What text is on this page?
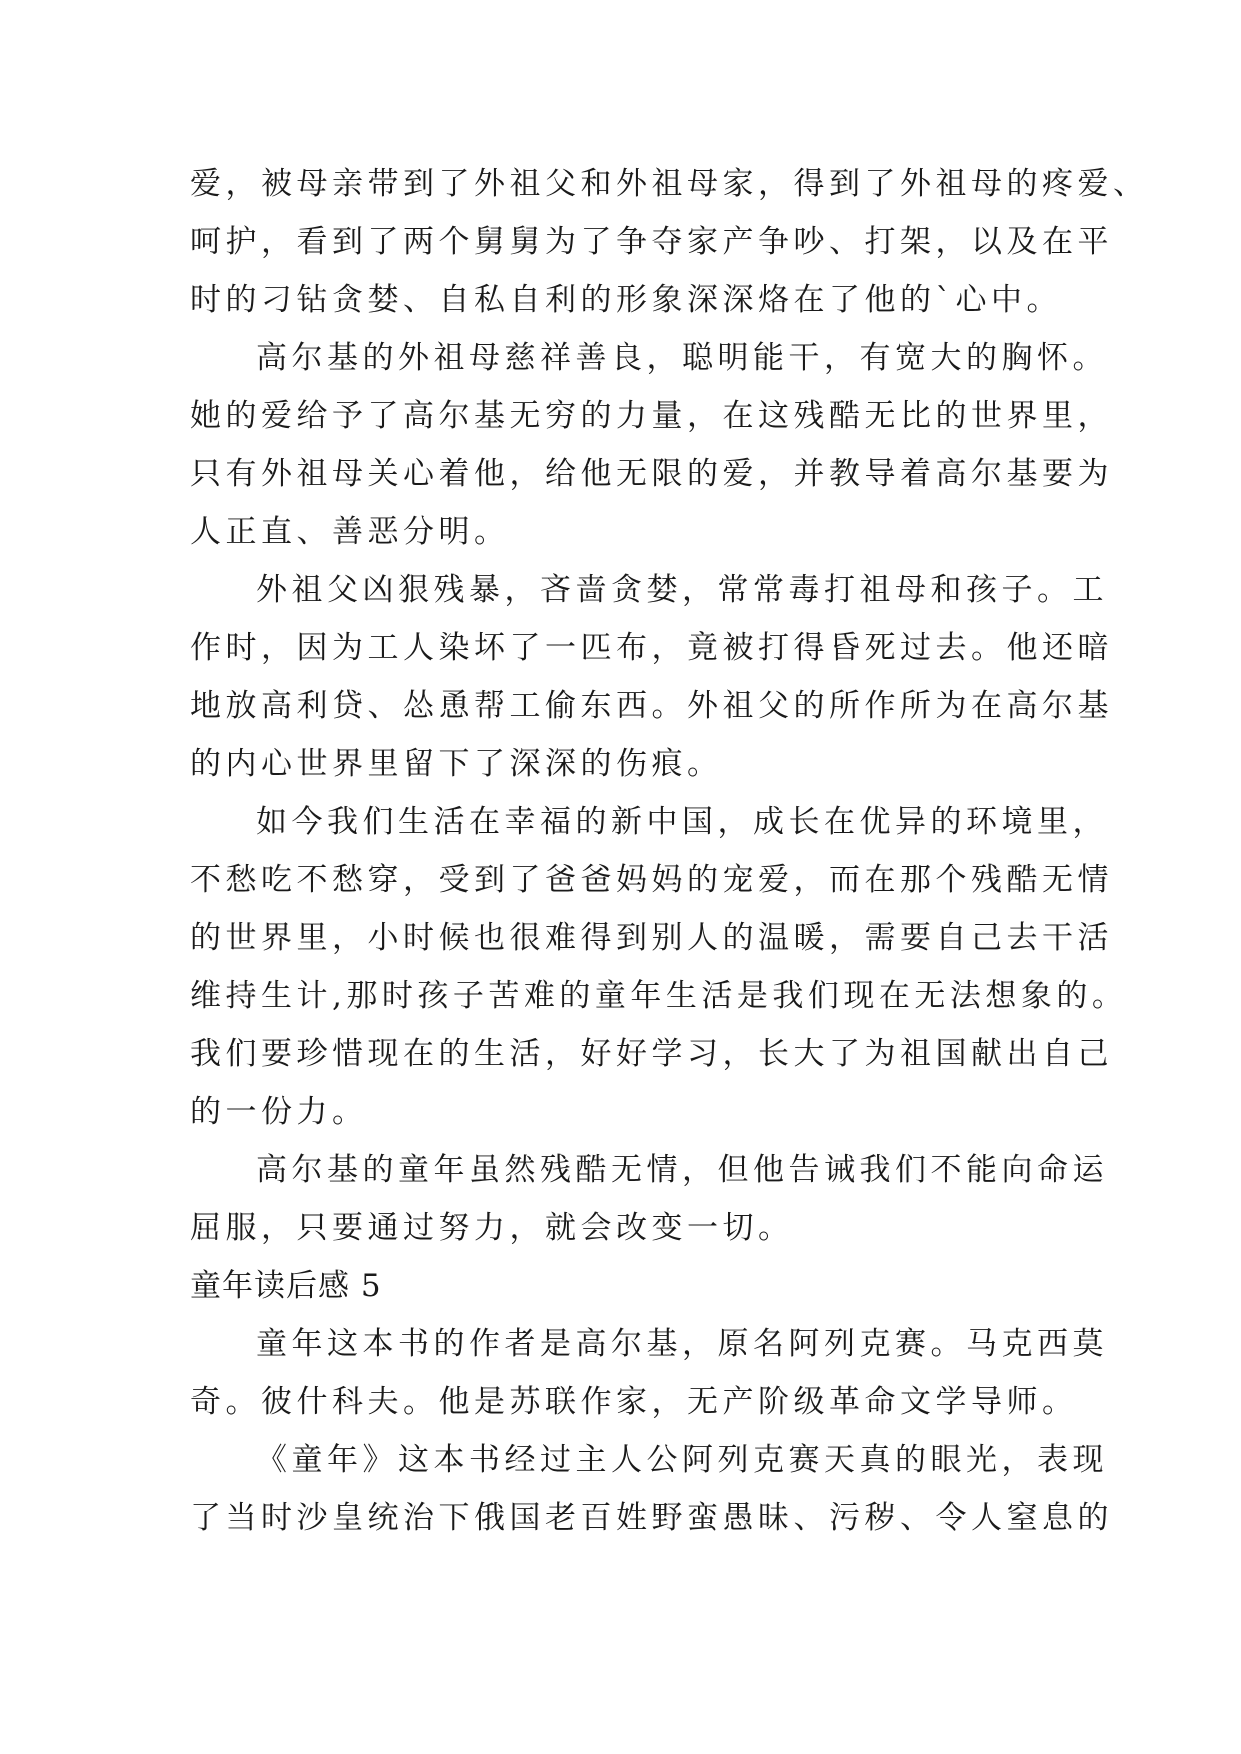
爱，被母亲带到了外祖父和外祖母家，得到了外祖母的疼爱、
呵护，看到了两个舅舅为了争夺家产争吵、打架，以及在平
时的刁钻贪婪、自私自利的形象深深烙在了他的`心中。
高尔基的外祖母慈祥善良，聪明能干，有宽大的胸怀。
她的爱给予了高尔基无穷的力量，在这残酷无比的世界里，
只有外祖母关心着他，给他无限的爱，并教导着高尔基要为
人正直、善恶分明。
外祖父凶狠残暴，吝啬贪婪，常常毒打祖母和孩子。工
作时，因为工人染坏了一匹布，竟被打得昏死过去。他还暗
地放高利贷、怂恿帮工偷东西。外祖父的所作所为在高尔基
的内心世界里留下了深深的伤痕。
如今我们生活在幸福的新中国，成长在优异的环境里，
不愁吃不愁穿，受到了爸爸妈妈的宠爱，而在那个残酷无情
的世界里，小时候也很难得到别人的温暖，需要自己去干活
维持生计,那时孩子苦难的童年生活是我们现在无法想象的。
我们要珍惜现在的生活，好好学习，长大了为祖国献出自己
的一份力。
高尔基的童年虽然残酷无情，但他告诫我们不能向命运
屈服，只要通过努力，就会改变一切。
童年读后感 5
童年这本书的作者是高尔基，原名阿列克赛。马克西莫
奇。彼什科夫。他是苏联作家，无产阶级革命文学导师。
《童年》这本书经过主人公阿列克赛天真的眼光，表现
了当时沙皇统治下俄国老百姓野蛮愚昧、污秽、令人窒息的
